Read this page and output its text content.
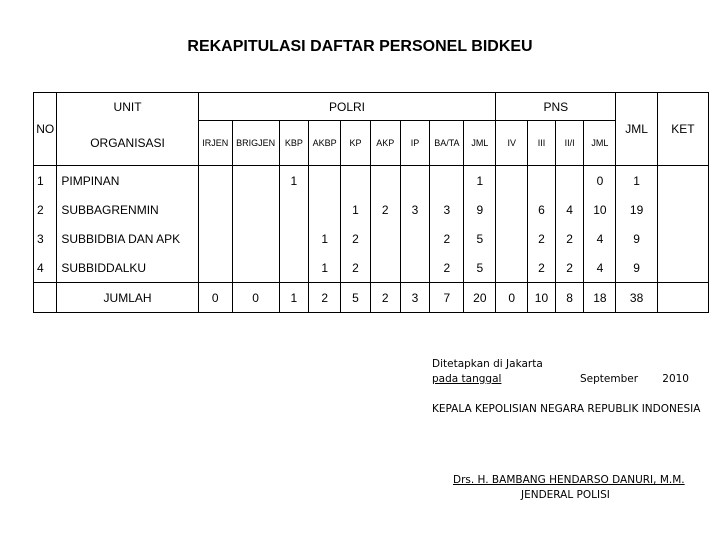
REKAPITULASI DAFTAR PERSONEL BIDKEU
NO	UNIT	POLRI									PNS				JML	KET
	ORGANISASI	IRJEN	BRIGJEN	KBP	AKBP	KP	AKP	IP	BA/TA	JML	IV	III	II/I	JML		
1	PIMPINAN			1						1				0	1	
2	SUBBAGRENMIN					1	2	3	3	9		6	4	10	19	
3	SUBBIDBIA DAN APK				1	2			2	5		2	2	4	9	
4	SUBBIDDALKU				1	2			2	5		2	2	4	9	
	JUMLAH	0	0	1	2	5	2	3	7	20	0	10	8	18	38	
Ditetapkan di Jakarta
pada tanggal	September 2010
KEPALA KEPOLISIAN NEGARA REPUBLIK INDONESIA
Drs. H. BAMBANG HENDARSO DANURI, M.M.
JENDERAL POLISI
